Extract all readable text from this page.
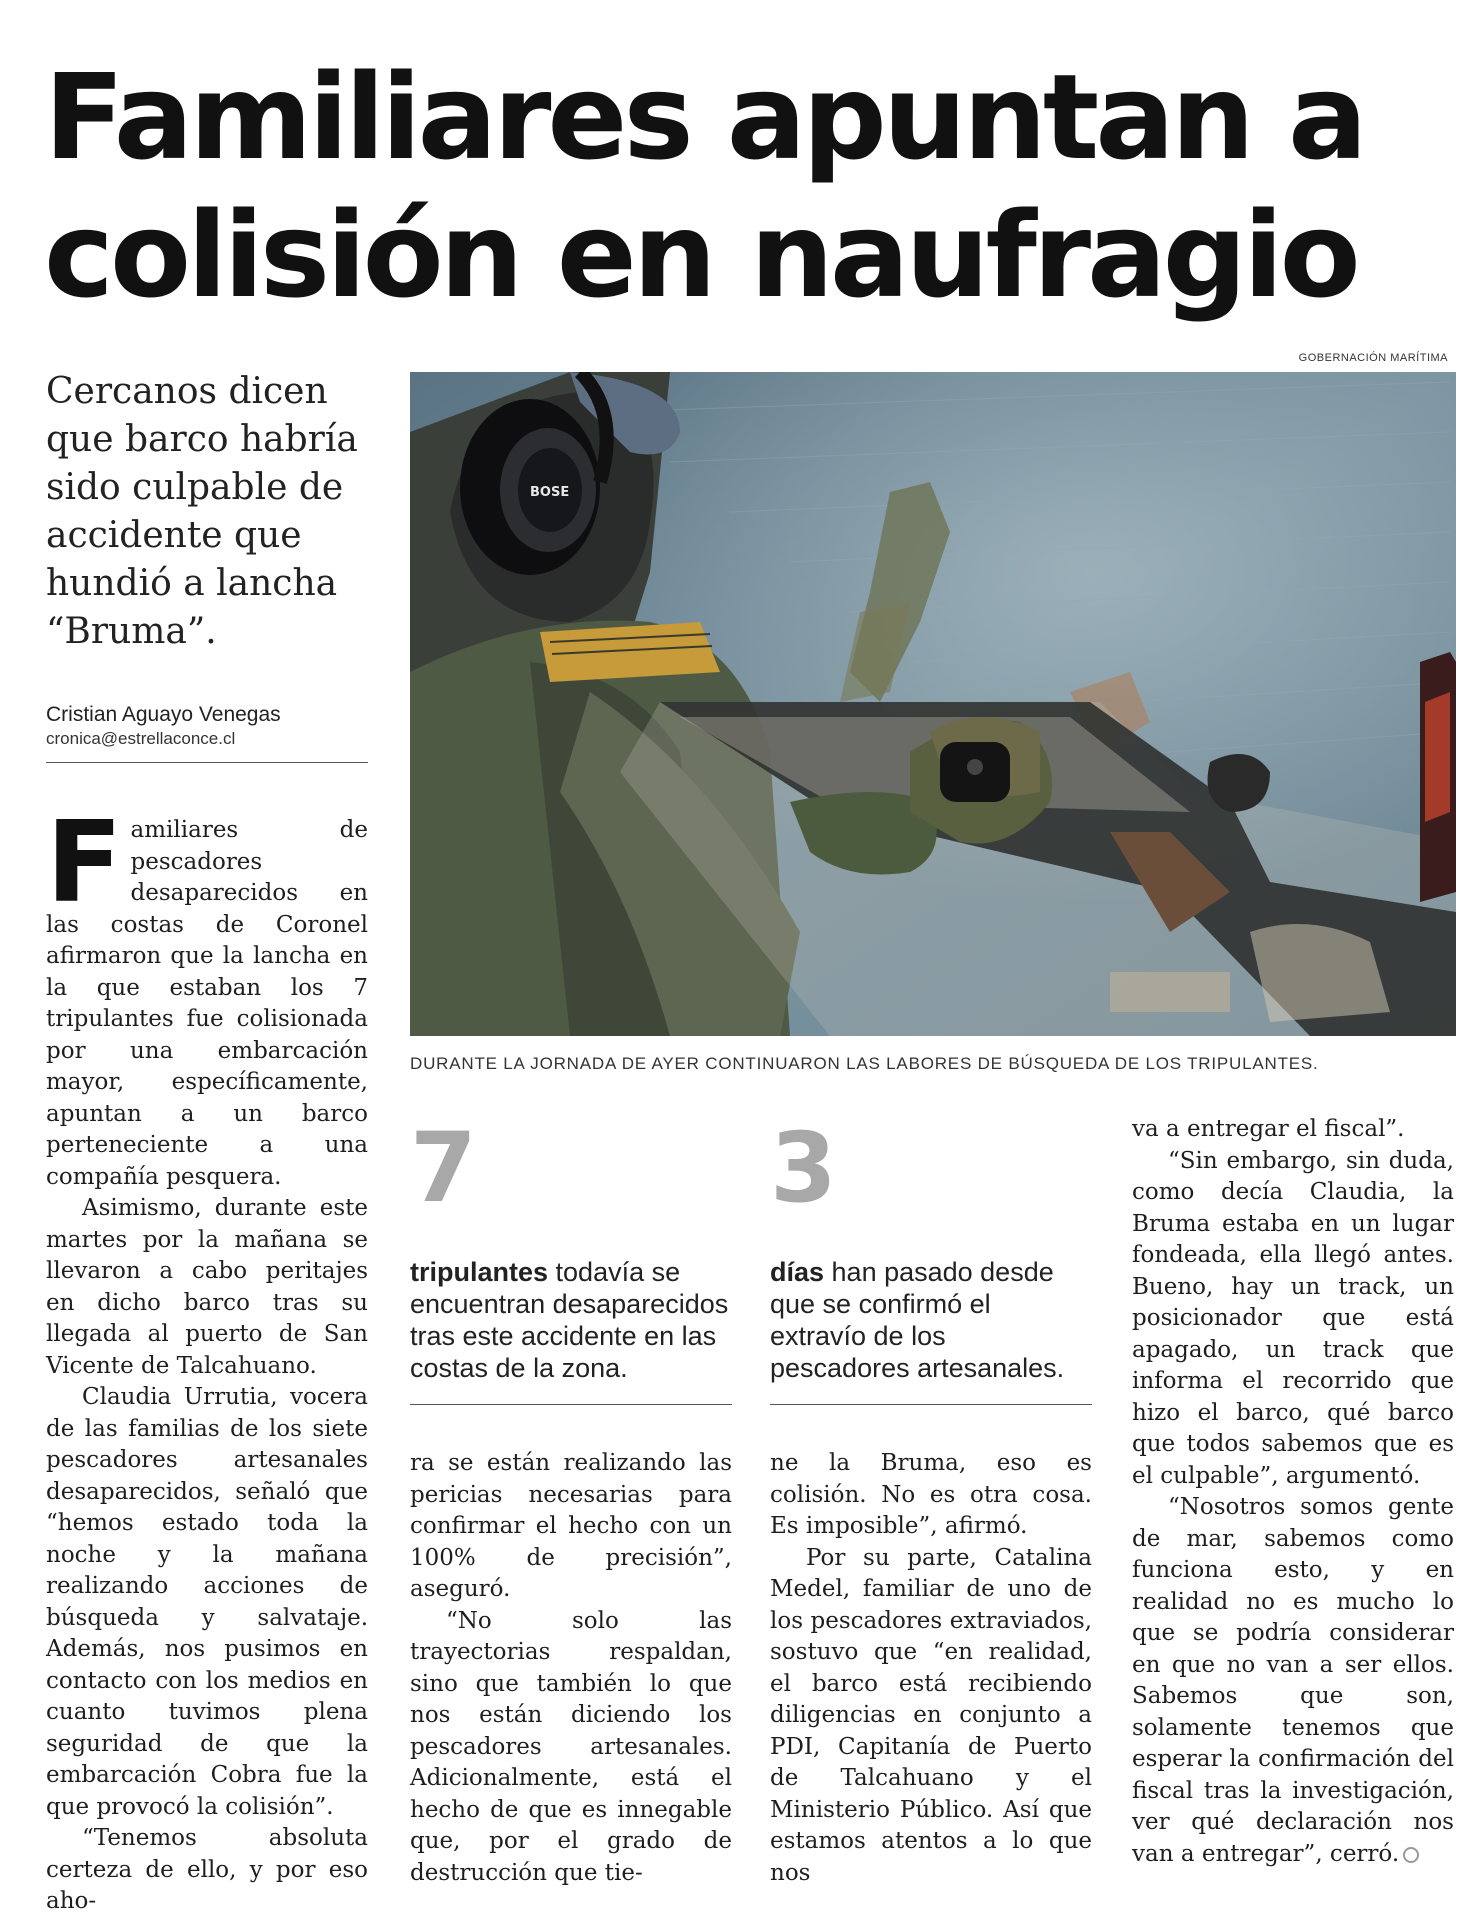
Familiares apuntan a colisión en naufragio
GOBERNACIÓN MARÍTIMA

Cercanos dicen que barco habría sido culpable de accidente que hundió a lancha “Bruma”.

Cristian Aguayo Venegas
cronica@estrellaconce.cl
BOSE
DURANTE LA JORNADA DE AYER CONTINUARON LAS LABORES DE BÚSQUEDA DE LOS TRIPULANTES.
F amiliares de pescadores desaparecidos en las costas de Coronel afirmaron que la lancha en la que estaban los 7 tripulantes fue colisionada por una embarcación mayor, específicamente, apuntan a un barco perteneciente a una compañía pesquera.

Asimismo, durante este martes por la mañana se llevaron a cabo peritajes en dicho barco tras su llegada al puerto de San Vicente de Talcahuano.

Claudia Urrutia, vocera de las familias de los siete pescadores artesanales desaparecidos, señaló que “hemos estado toda la noche y la mañana realizando acciones de búsqueda y salvataje. Además, nos pusimos en contacto con los medios en cuanto tuvimos plena seguridad de que la embarcación Cobra fue la que provocó la colisión”.

“Tenemos absoluta certeza de ello, y por eso aho-

7
tripulantes todavía se encuentran desaparecidos tras este accidente en las costas de la zona.
3
días han pasado desde que se confirmó el extravío de los pescadores artesanales.

ra se están realizando las pericias necesarias para confirmar el hecho con un 100% de precisión”, aseguró.

“No solo las trayectorias respaldan, sino que también lo que nos están diciendo los pescadores artesanales. Adicionalmente, está el hecho de que es innegable que, por el grado de destrucción que tie-

ne la Bruma, eso es colisión. No es otra cosa. Es imposible”, afirmó.

Por su parte, Catalina Medel, familiar de uno de los pescadores extraviados, sostuvo que “en realidad, el barco está recibiendo diligencias en conjunto a PDI, Capitanía de Puerto de Talcahuano y el Ministerio Público. Así que estamos atentos a lo que nos

va a entregar el fiscal”.

“Sin embargo, sin duda, como decía Claudia, la Bruma estaba en un lugar fondeada, ella llegó antes. Bueno, hay un track, un posicionador que está apagado, un track que informa el recorrido que hizo el barco, qué barco que todos sabemos que es el culpable”, argumentó.

“Nosotros somos gente de mar, sabemos como funciona esto, y en realidad no es mucho lo que se podría considerar en que no van a ser ellos. Sabemos que son, solamente tenemos que esperar la confirmación del fiscal tras la investigación, ver qué declaración nos van a entregar”, cerró.
